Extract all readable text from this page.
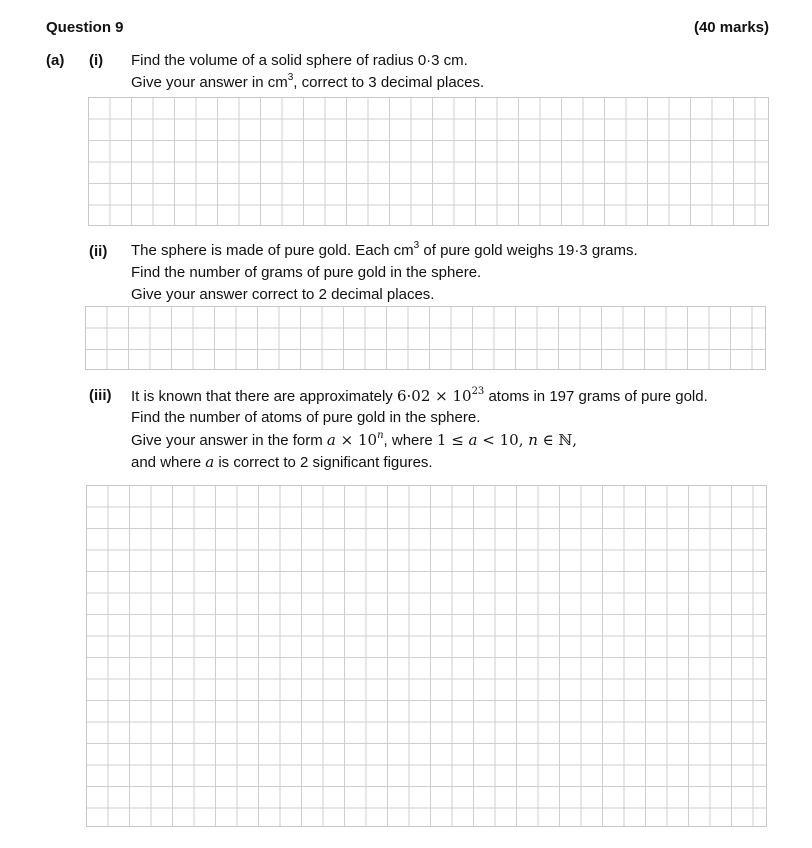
Question 9	(40 marks)
(a) (i) Find the volume of a solid sphere of radius 0·3 cm.
Give your answer in $cm^3$, correct to 3 decimal places.
(ii) The sphere is made of pure gold. Each $cm^3$ of pure gold weighs 19·3 grams.
Find the number of grams of pure gold in the sphere.
Give your answer correct to 2 decimal places.
(iii) It is known that there are approximately $6\cdot 02 \times 10^{23}$ atoms in 197 grams of pure gold.
Find the number of atoms of pure gold in the sphere.
Give your answer in the form $a \times 10^n$, where 1 ≤ a < 10, n ∈ ℕ,
and where a is correct to 2 significant figures.
